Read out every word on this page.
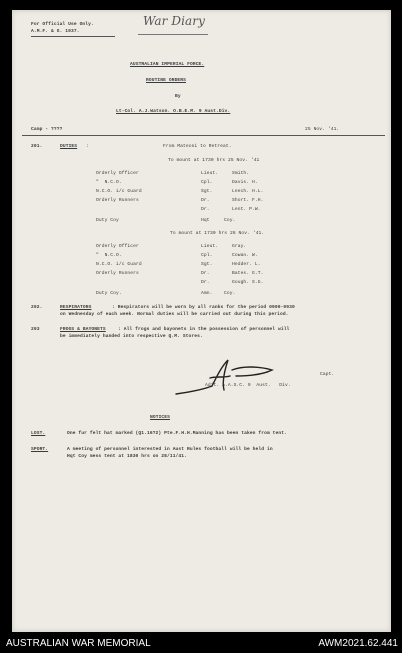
For Official Use Only.
A.M.F. & G. 1937.
War Diary
AUSTRALIAN IMPERIAL FORCE.
ROUTINE ORDERS
By
Lt-Col. A.J.Watson. O.B.E.M. 9 Aust.Div.
Camp - ????	25 Nov. '41.
201.	DUTIES :	From Mateoni to Retreat.
To mount at 1730 hrs 25 Nov. '41
Orderly Officer	Lieut.	Smith.
"  N.C.O.	Cpl.	Davis. H.
N.C.O. i/c Guard	Sgt.	Leech. H.L.
Orderly Runners	Dr.	Short. F.H.
Dr.	Lent. P.W.
Duty Coy	Hqt	Coy.
To mount at 1730 hrs 26 Nov. '41.
Orderly Officer	Lieut.	Gray.
"  N.C.O.	Cpl.	Cowan. W.
N.C.O. i/c Guard	Sgt.	Hedder. L.
Orderly Runners	Dr.	Bates. G.T.
Dr.	Gough. S.G.
Duty Coy.	Amn.	Coy.
202.	RESPIRATORS	: Respirators will be worn by all ranks for the period 0900-0930
on Wednesday of each week. Normal duties will be carried out during this period.
203	FROGS & BAYONETS	: All frogs and bayonets in the possession of personnel will
be immediately handed into respective Q.M. Stores.
Capt.
Adjt. A.A.S.C. 9  Aust.   Div.
NOTICES
LOST.	One fur felt hat marked (Q1.16?2) Pte.F.H.H.Manning has been taken from tent.
SPORT.	A meeting of personnel interested in Aust Rules football will be held in
Hqt Coy mess tent at 1830 hrs on 28/11/41.
AUSTRALIAN WAR MEMORIAL	AWM2021.62.441
